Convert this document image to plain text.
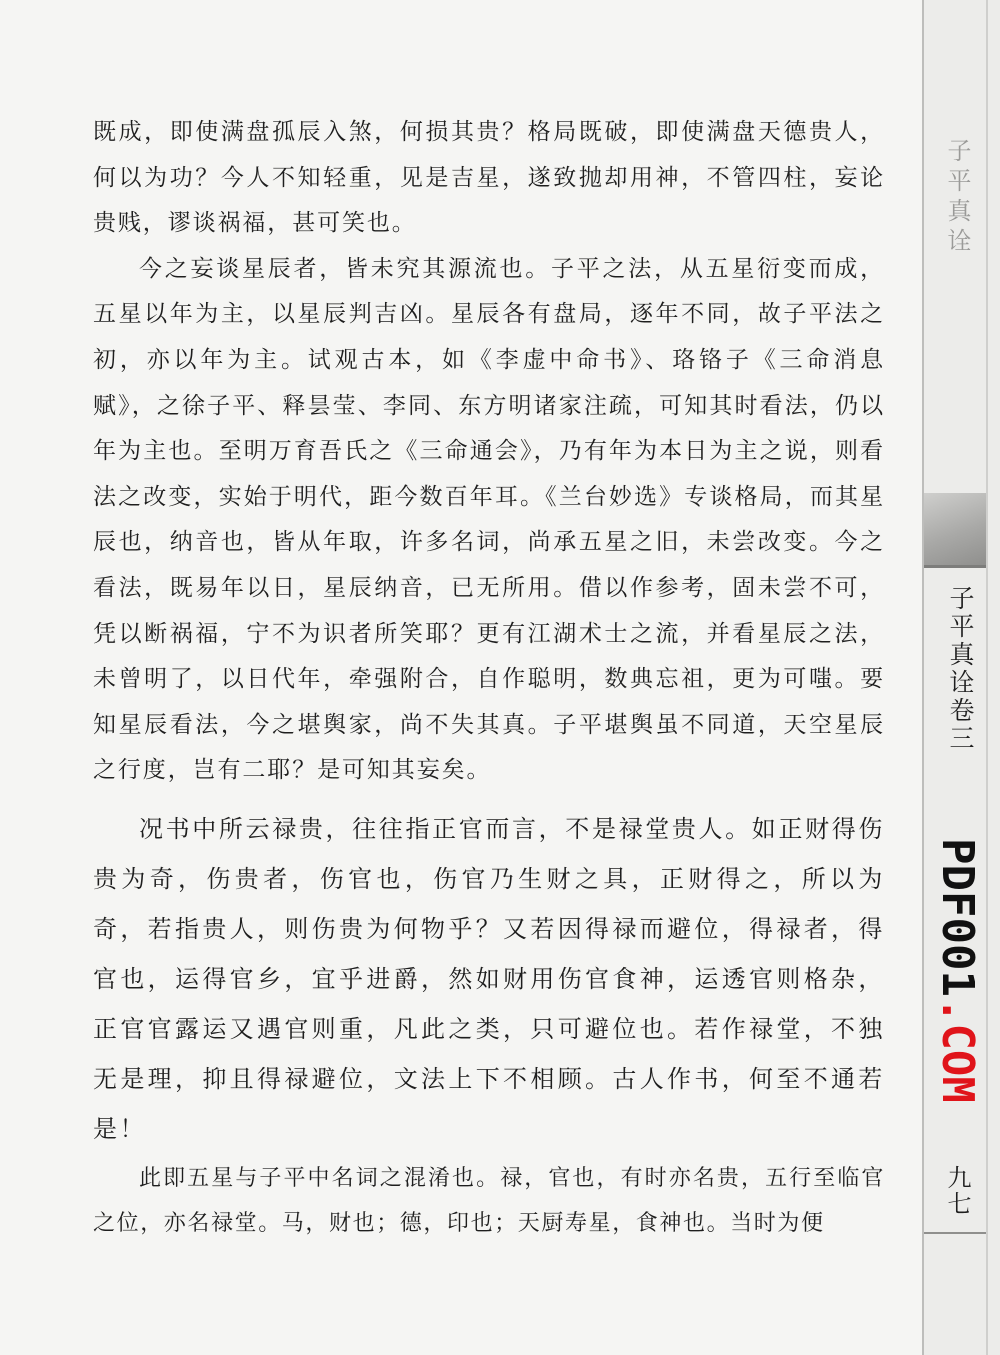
既成，即使满盘孤辰入煞，何损其贵？格局既破，即使满盘天德贵人，何以为功？今人不知轻重，见是吉星，遂致抛却用神，不管四柱，妄论贵贱，谬谈祸福，甚可笑也。

今之妄谈星辰者，皆未究其源流也。子平之法，从五星衍变而成，五星以年为主，以星辰判吉凶。星辰各有盘局，逐年不同，故子平法之初，亦以年为主。试观古本，如《李虚中命书》、珞铬子《三命消息赋》，之徐子平、释昙莹、李同、东方明诸家注疏，可知其时看法，仍以年为主也。至明万育吾氏之《三命通会》，乃有年为本日为主之说，则看法之改变，实始于明代，距今数百年耳。《兰台妙选》专谈格局，而其星辰也，纳音也，皆从年取，许多名词，尚承五星之旧，未尝改变。今之看法，既易年以日，星辰纳音，已无所用。借以作参考，固未尝不可，凭以断祸福，宁不为识者所笑耶？更有江湖术士之流，并看星辰之法，未曾明了，以日代年，牵强附合，自作聪明，数典忘祖，更为可嗤。要知星辰看法，今之堪舆家，尚不失其真。子平堪舆虽不同道，天空星辰之行度，岂有二耶？是可知其妄矣。

况书中所云禄贵，往往指正官而言，不是禄堂贵人。如正财得伤贵为奇，伤贵者，伤官也，伤官乃生财之具，正财得之，所以为奇，若指贵人，则伤贵为何物乎？又若因得禄而避位，得禄者，得官也，运得官乡，宜乎进爵，然如财用伤官食神，运透官则格杂，正官官露运又遇官则重，凡此之类，只可避位也。若作禄堂，不独无是理，抑且得禄避位，文法上下不相顾。古人作书，何至不通若是！

此即五星与子平中名词之混淆也。禄，官也，有时亦名贵，五行至临官之位，亦名禄堂。马，财也；德，印也；天厨寿星，食神也。当时为便

子平真诠
子平真诠卷三
PDF001.COM
九七
